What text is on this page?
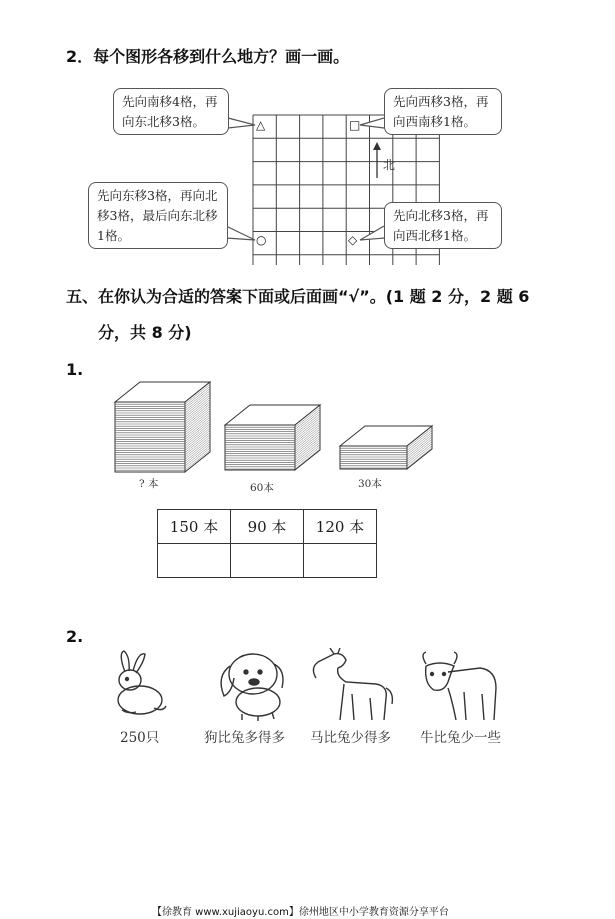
2．每个图形各移到什么地方？画一画。
北
△	□
○	◇
先向南移4格，再向东北移3格。
先向西移3格，再向西南移1格。
先向东移3格，再向北移3格，最后向东北移1格。
先向北移3格，再向西北移1格。
五、在你认为合适的答案下面或后面画“√”。(1 题 2 分，2 题 6
分，共 8 分)
1.
? 本	60本	30本
150 本	90 本	120 本

2.
250只	狗比兔多得多 马比兔少得多 牛比兔少一些
【徐教育 www.xujiaoyu.com】徐州地区中小学教育资源分享平台
